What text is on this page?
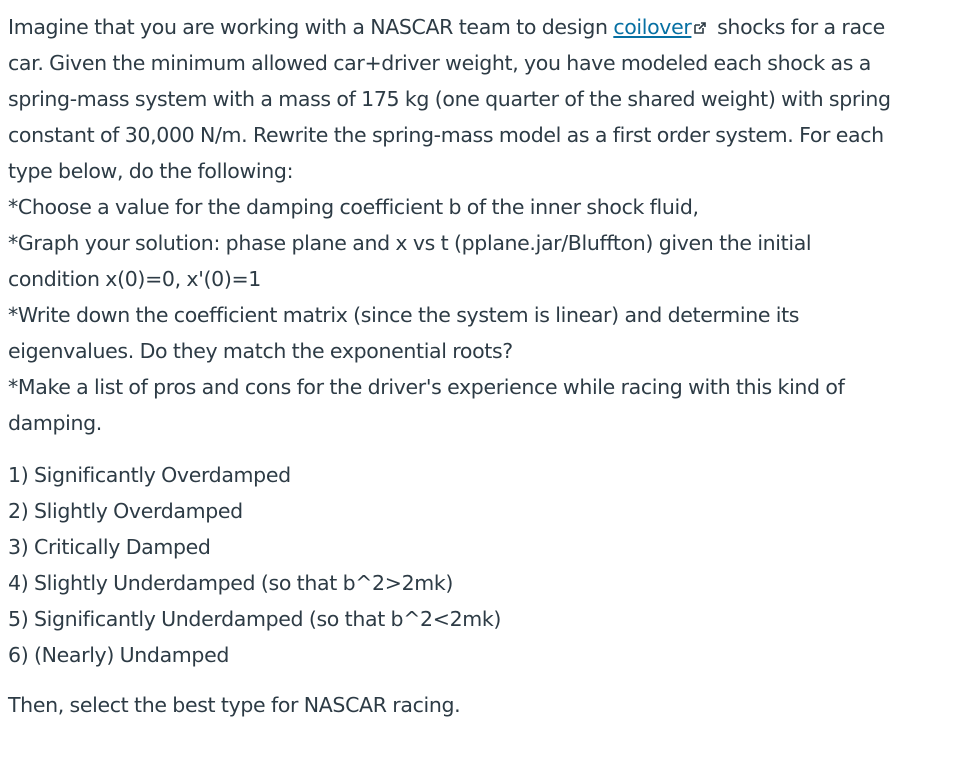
Imagine that you are working with a NASCAR team to design coilover
shocks for a race
car. Given the minimum allowed car+driver weight, you have modeled each shock as a
spring-mass system with a mass of 175 kg (one quarter of the shared weight) with spring
constant of 30,000 N/m. Rewrite the spring-mass model as a first order system. For each
type below, do the following:
*Choose a value for the damping coefficient b of the inner shock fluid,
*Graph your solution: phase plane and x vs t (pplane.jar/Bluffton) given the initial
condition x(0)=0, x'(0)=1
*Write down the coefficient matrix (since the system is linear) and determine its
eigenvalues. Do they match the exponential roots?
*Make a list of pros and cons for the driver's experience while racing with this kind of
damping.
1) Significantly Overdamped
2) Slightly Overdamped
3) Critically Damped
4) Slightly Underdamped (so that b^2>2mk)
5) Significantly Underdamped (so that b^2<2mk)
6) (Nearly) Undamped
Then, select the best type for NASCAR racing.
